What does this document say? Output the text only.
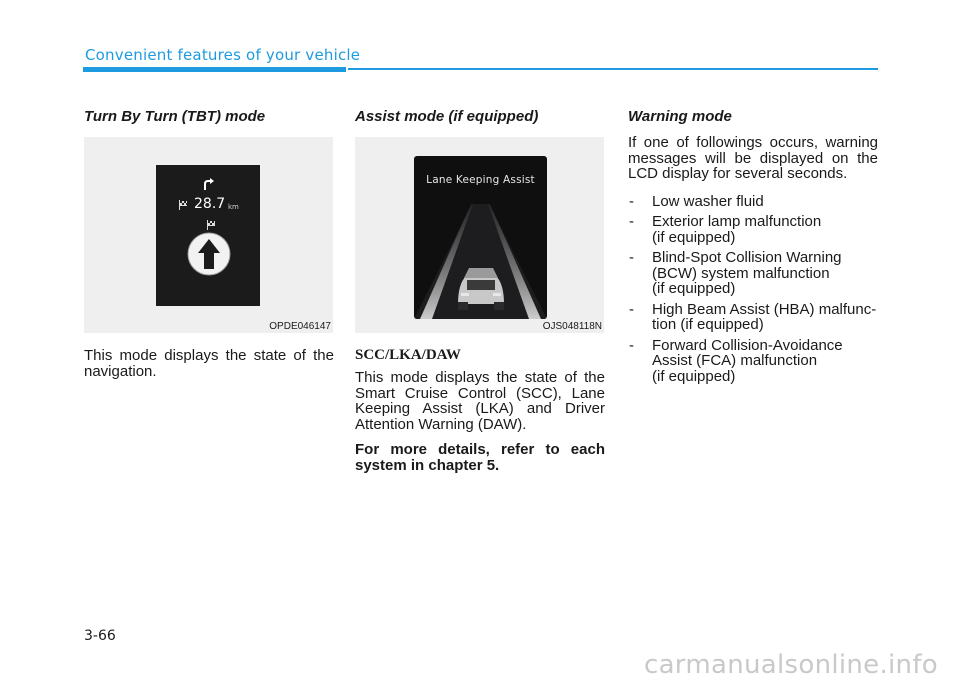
Convenient features of your vehicle
Turn By Turn (TBT) mode
28.7 km
OPDE046147

This mode displays the state of the navigation.

Assist mode (if equipped)
Lane Keeping Assist
OJS048118N
SCC/LKA/DAW

This mode displays the state of the Smart Cruise Control (SCC), Lane Keeping Assist (LKA) and Driver Attention Warning (DAW).

For more details, refer to each system in chapter 5.

Warning mode

If one of followings occurs, warning messages will be displayed on the LCD display for several seconds.

- Low washer fluid
- Exterior lamp malfunction
(if equipped)
- Blind-Spot Collision Warning
(BCW) system malfunction
(if equipped)
- High Beam Assist (HBA) malfunc-
tion (if equipped)
- Forward Collision-Avoidance
Assist (FCA) malfunction
(if equipped)
3-66
carmanualsonline.info
